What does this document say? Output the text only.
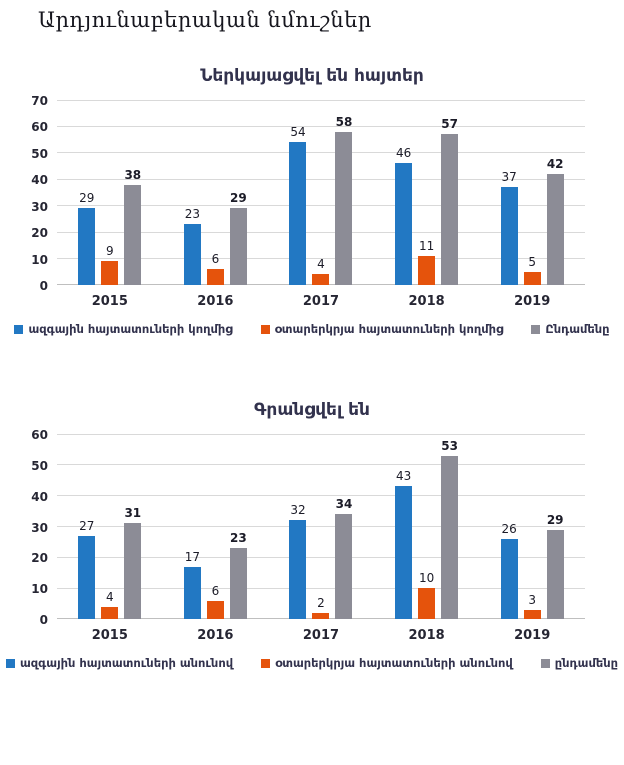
Արդյունաբերական նմուշներ
Ներկայացվել են հայտեր
0
10
20
30
40
50
60
70
29
9
38
23
6
29
54
4
58
46
11
57
37
5
42
2015	2016	2017	2018	2019
ազգային հայտատուների կողմից	օտարերկրյա հայտատուների կողմից	Ընդամենը
Գրանցվել են
0
10
20
30
40
50
60
27
4
31
17
6
23
32
2
34
43
10
53
26
3
29
2015	2016	2017	2018	2019
ազգային հայտատուների անունով	օտարերկրյա հայտատուների անունով	ընդամենը
